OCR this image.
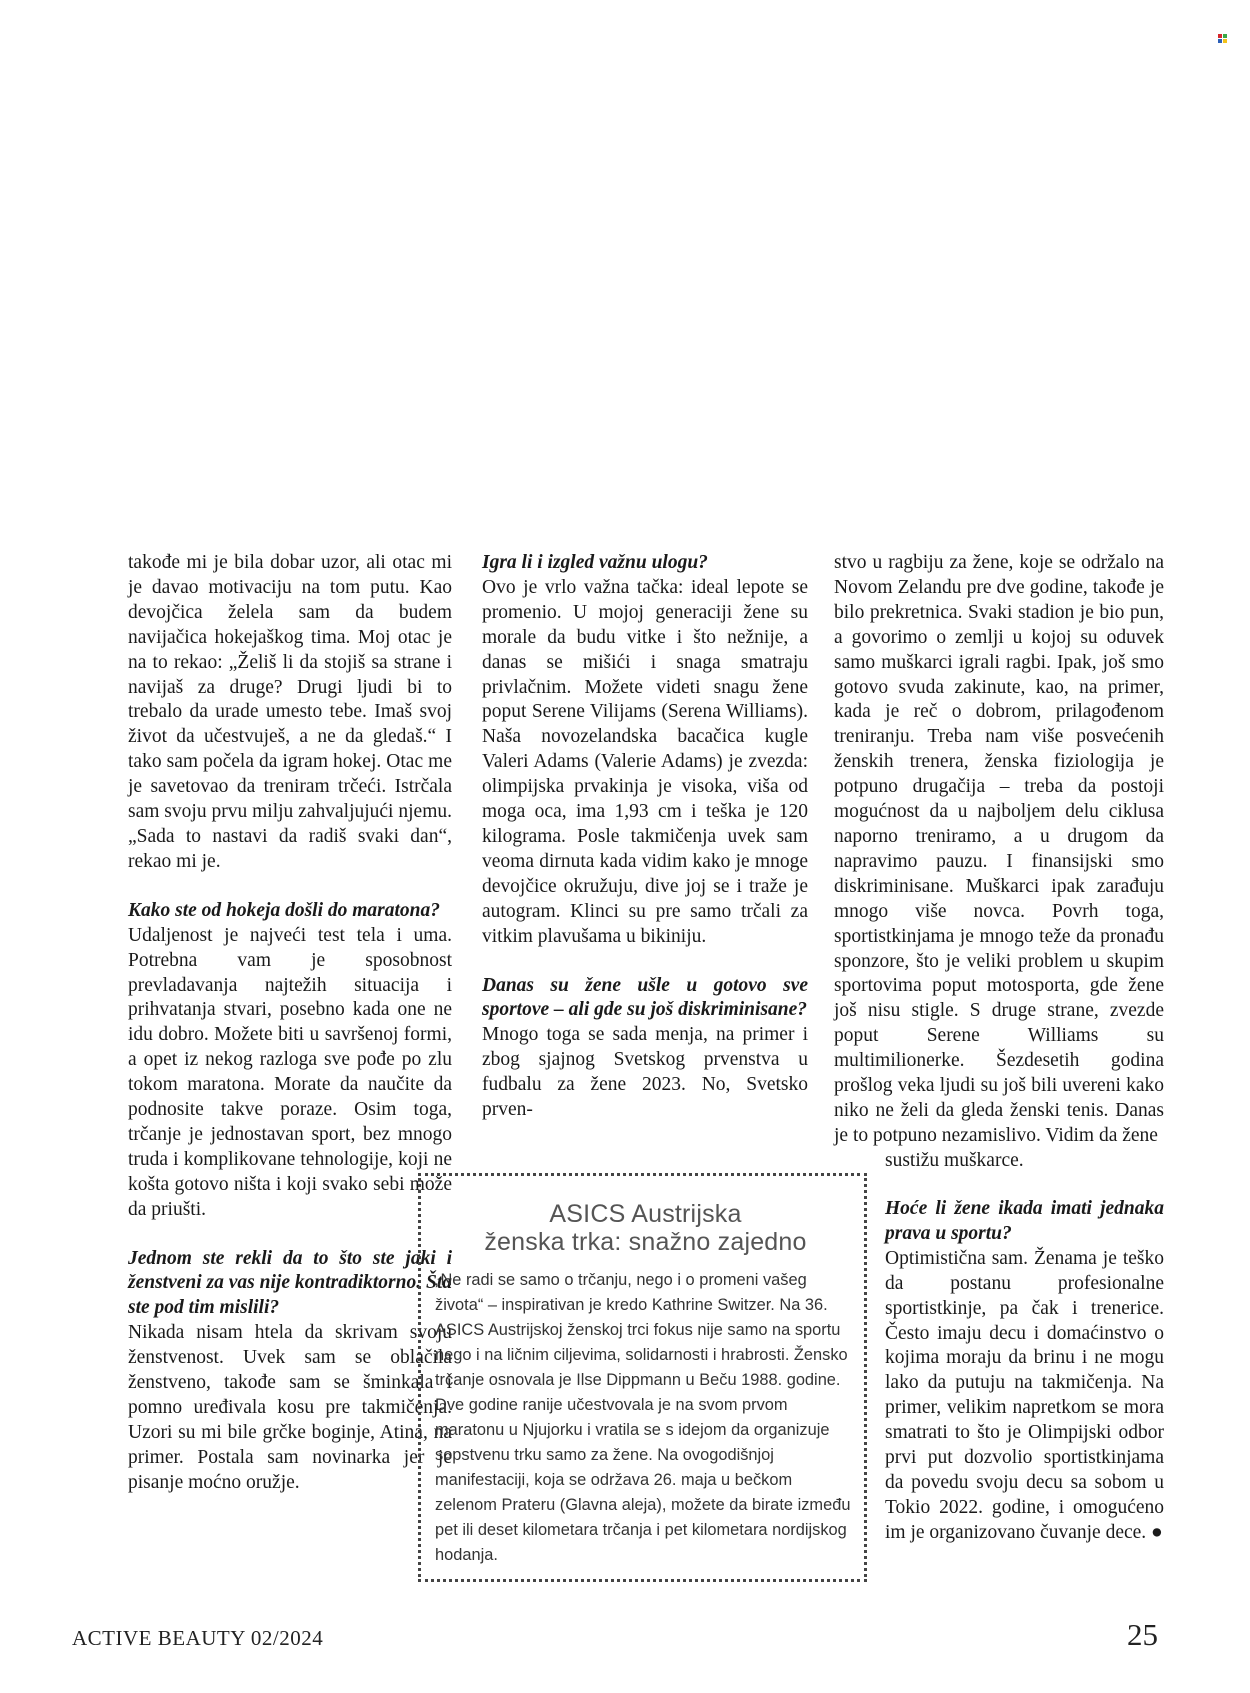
takođe mi je bila dobar uzor, ali otac mi je davao motivaciju na tom putu. Kao devojčica želela sam da budem navijačica hokejaškog tima. Moj otac je na to rekao: „Želiš li da stojiš sa strane i navijaš za druge? Drugi ljudi bi to trebalo da urade umesto tebe. Imaš svoj život da učestvuješ, a ne da gledaš.“ I tako sam počela da igram hokej. Otac me je savetovao da treniram trčeći. Istrčala sam svoju prvu milju zahvaljujući njemu. „Sada to nastavi da radiš svaki dan“, rekao mi je.

Kako ste od hokeja došli do maratona?

Udaljenost je najveći test tela i uma. Potrebna vam je sposobnost prevladavanja najtežih situacija i prihvatanja stvari, posebno kada one ne idu dobro. Možete biti u savršenoj formi, a opet iz nekog razloga sve pođe po zlu tokom maratona. Morate da naučite da podnosite takve poraze. Osim toga, trčanje je jednostavan sport, bez mnogo truda i komplikovane tehnologije, koji ne košta gotovo ništa i koji svako sebi može da priušti.

Jednom ste rekli da to što ste jaki i ženstveni za vas nije kontradiktorno. Šta ste pod tim mislili?

Nikada nisam htela da skrivam svoju ženstvenost. Uvek sam se oblačila ženstveno, takođe sam se šminkala i pomno uređivala kosu pre takmičenja. Uzori su mi bile grčke boginje, Atina, na primer. Postala sam novinarka jer je pisanje moćno oružje.

Igra li i izgled važnu ulogu?

Ovo je vrlo važna tačka: ideal lepote se promenio. U mojoj generaciji žene su morale da budu vitke i što nežnije, a danas se mišići i snaga smatraju privlačnim. Možete videti snagu žene poput Serene Vilijams (Serena Williams). Naša novozelandska bacačica kugle Valeri Adams (Valerie Adams) je zvezda: olimpijska prvakinja je visoka, viša od moga oca, ima 1,93 cm i teška je 120 kilograma. Posle takmičenja uvek sam veoma dirnuta kada vidim kako je mnoge devojčice okružuju, dive joj se i traže je autogram. Klinci su pre samo trčali za vitkim plavušama u bikiniju.

Danas su žene ušle u gotovo sve sportove – ali gde su još diskriminisane?

Mnogo toga se sada menja, na primer i zbog sjajnog Svetskog prvenstva u fudbalu za žene 2023. No, Svetsko prven-

stvo u ragbiju za žene, koje se održalo na Novom Zelandu pre dve godine, takođe je bilo prekretnica. Svaki stadion je bio pun, a govorimo o zemlji u kojoj su oduvek samo muškarci igrali ragbi. Ipak, još smo gotovo svuda zakinute, kao, na primer, kada je reč o dobrom, prilagođenom treniranju. Treba nam više posvećenih ženskih trenera, ženska fiziologija je potpuno drugačija – treba da postoji mogućnost da u najboljem delu ciklusa naporno treniramo, a u drugom da napravimo pauzu. I finansijski smo diskriminisane. Muškarci ipak zarađuju mnogo više novca. Povrh toga, sportistkinjama je mnogo teže da pronađu sponzore, što je veliki problem u skupim sportovima poput motosporta, gde žene još nisu stigle. S druge strane, zvezde poput Serene Williams su multimilionerke. Šezdesetih godina prošlog veka ljudi su još bili uvereni kako niko ne želi da gleda ženski tenis. Danas je to potpuno nezamislivo. Vidim da žene

sustižu muškarce.

Hoće li žene ikada imati jednaka prava u sportu?

Optimistična sam. Ženama je teško da postanu profesionalne sportistkinje, pa čak i trenerice. Često imaju decu i domaćinstvo o kojima moraju da brinu i ne mogu lako da putuju na takmičenja. Na primer, velikim napretkom se mora smatrati to što je Olimpijski odbor prvi put dozvolio sportistkinjama da povedu svoju decu sa sobom u Tokio 2022. godine, i omogućeno im je organizovano čuvanje dece. ●

ASICS Austrijska
ženska trka: snažno zajedno
„Ne radi se samo o trčanju, nego i o promeni vašeg života“ – inspirativan je kredo Kathrine Switzer. Na 36. ASICS Austrijskoj ženskoj trci fokus nije samo na sportu nego i na ličnim ciljevima, solidarnosti i hrabrosti. Žensko trčanje osnovala je Ilse Dippmann u Beču 1988. godine. Dve godine ranije učestvovala je na svom prvom maratonu u Njujorku i vratila se s idejom da organizuje sopstvenu trku samo za žene. Na ovogodišnjoj manifestaciji, koja se održava 26. maja u bečkom zelenom Prateru (Glavna aleja), možete da birate između pet ili deset kilometara trčanja i pet kilometara nordijskog hodanja.
ACTIVE BEAUTY 02/2024	25
